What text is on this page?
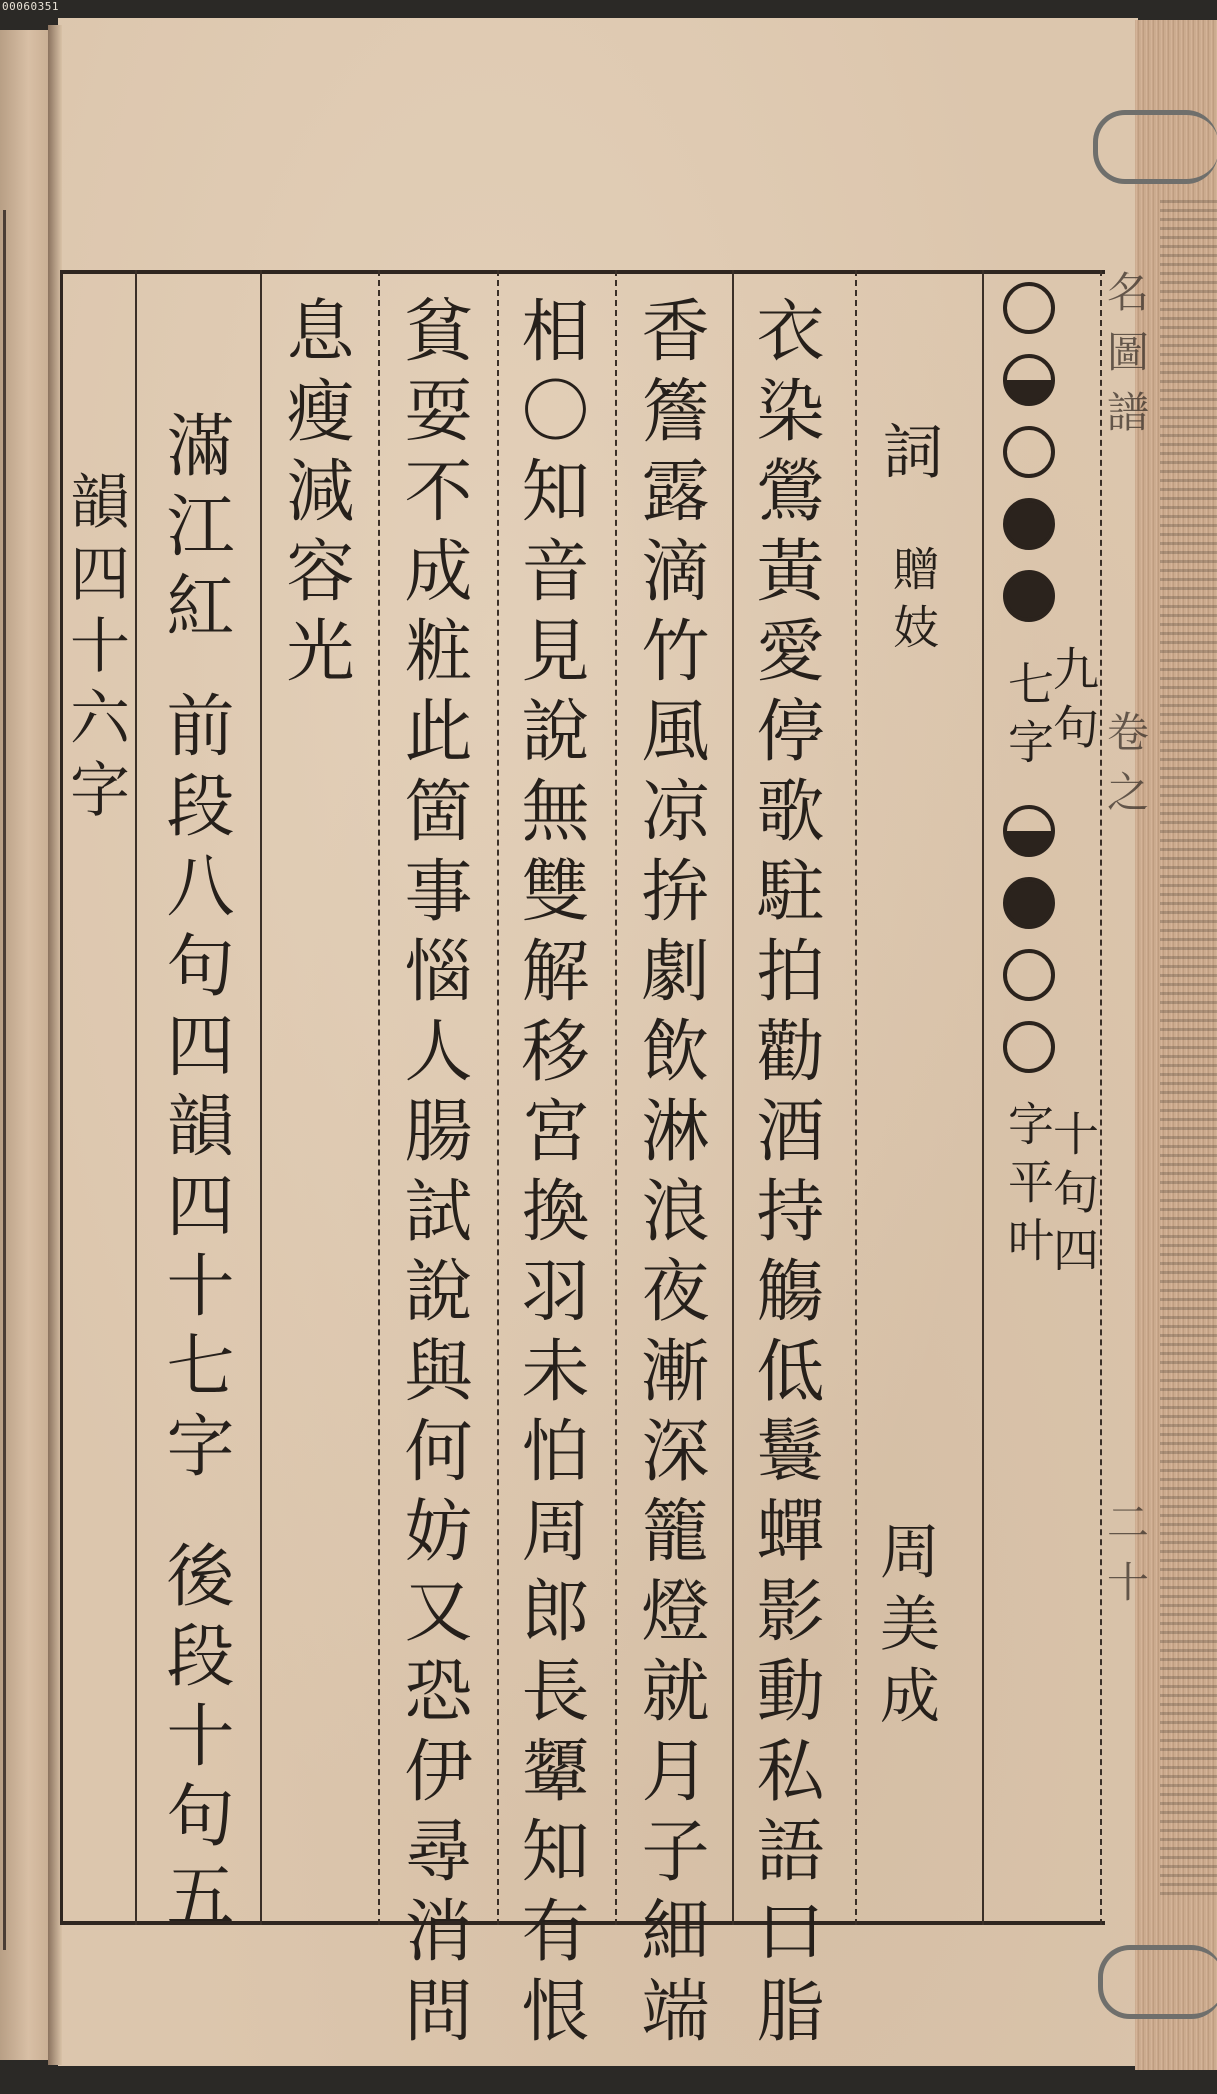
00060351
名圖譜
卷之
二十
九句
七字
十句四
字平叶
詞
贈妓
周美成
衣染鶯黃愛停歌駐拍勸酒持觴低鬟蟬影動私語口脂
香簷露滴竹風凉拚劇飲淋浪夜漸深籠燈就月子細端
相〇知音見說無雙解移宮換羽未怕周郎長顰知有恨
貧耍不成粧此箇事惱人腸試說與何妨又恐伊尋消問
息瘦減容光
滿江紅
前段八句四韻四十七字
後段十句五
韻四十六字
